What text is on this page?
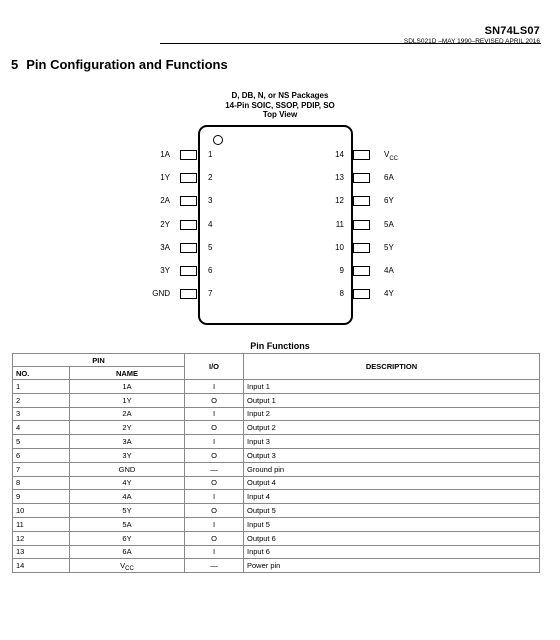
SN74LS07
SDLS021D –MAY 1990–REVISED APRIL 2016
5 Pin Configuration and Functions
D, DB, N, or NS Packages
14-Pin SOIC, SSOP, PDIP, SO
Top View
1A	1
1Y	2
2A	3
2Y	4
3A	5
3Y	6
GND	7
$V_{CC}$
14
6A
13
6Y
12
5A
11
5Y
10
4A
9
4Y
8
Pin Functions
PIN		I/O	DESCRIPTION
NO.	NAME		
1	1A	I	Input 1
2	1Y	O	Output 1
3	2A	I	Input 2
4	2Y	O	Output 2
5	3A	I	Input 3
6	3Y	O	Output 3
7	GND	—	Ground pin
8	4Y	O	Output 4
9	4A	I	Input 4
10	5Y	O	Output 5
11	5A	I	Input 5
12	6Y	O	Output 6
13	6A	I	Input 6
14	$V_{CC}$	—	Power pin
